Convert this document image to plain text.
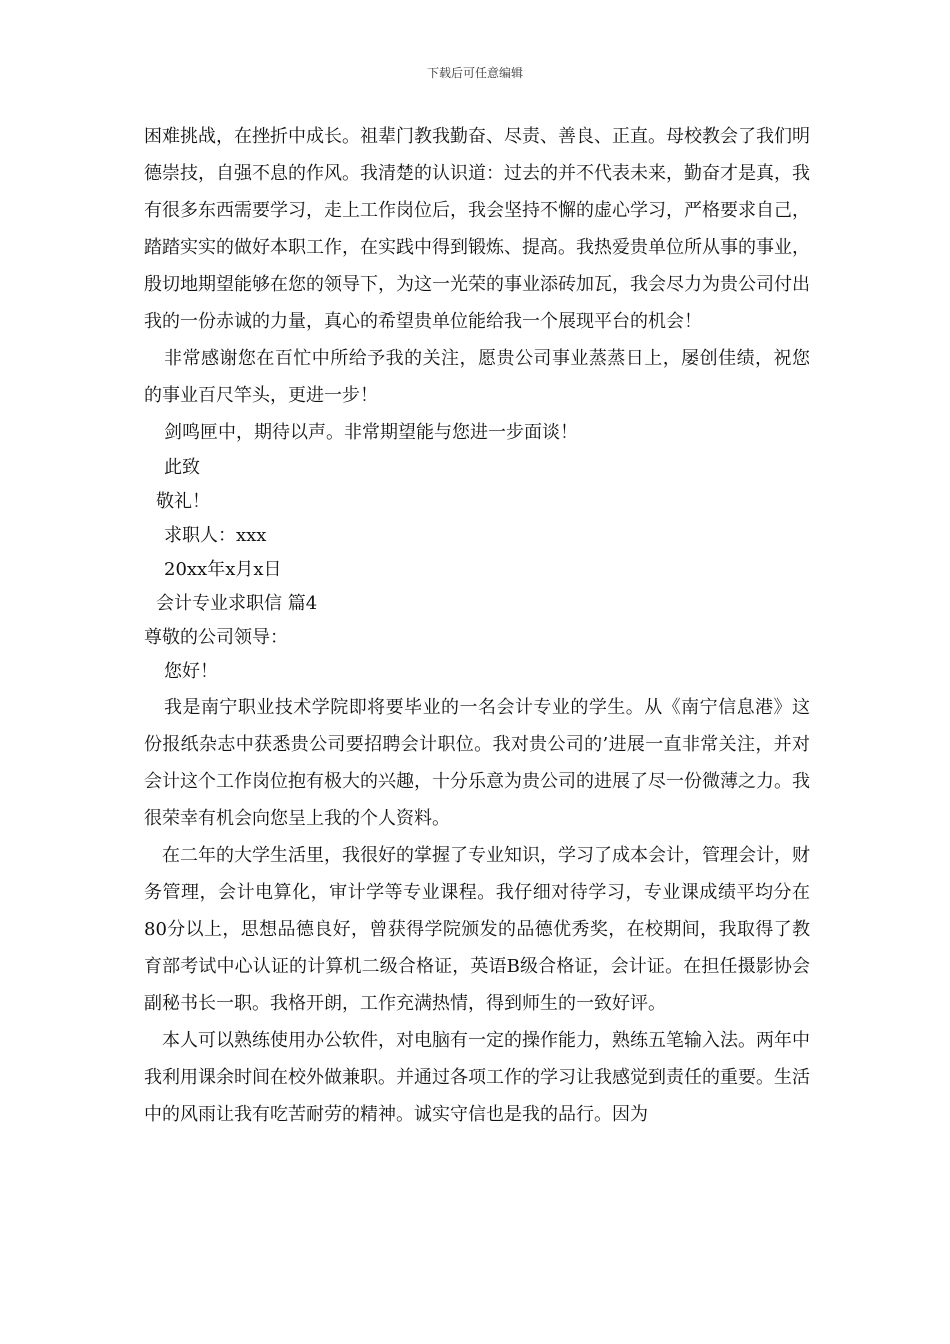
下载后可任意编辑

困难挑战，在挫折中成长。祖辈门教我勤奋、尽责、善良、正直。母校教会了我们明德崇技，自强不息的作风。我清楚的认识道：过去的并不代表未来，勤奋才是真，我有很多东西需要学习，走上工作岗位后，我会坚持不懈的虚心学习，严格要求自己，踏踏实实的做好本职工作，在实践中得到锻炼、提高。我热爱贵单位所从事的事业，殷切地期望能够在您的领导下，为这一光荣的事业添砖加瓦，我会尽力为贵公司付出我的一份赤诚的力量，真心的希望贵单位能给我一个展现平台的机会！

非常感谢您在百忙中所给予我的关注，愿贵公司事业蒸蒸日上，屡创佳绩，祝您的事业百尺竿头，更进一步！

剑鸣匣中，期待以声。非常期望能与您进一步面谈！

此致

敬礼！

求职人：xxx

20xx年x月x日

会计专业求职信 篇4

尊敬的公司领导：

您好！

我是南宁职业技术学院即将要毕业的一名会计专业的学生。从《南宁信息港》这份报纸杂志中获悉贵公司要招聘会计职位。我对贵公司的’进展一直非常关注，并对会计这个工作岗位抱有极大的兴趣，十分乐意为贵公司的进展了尽一份微薄之力。我很荣幸有机会向您呈上我的个人资料。

在二年的大学生活里，我很好的掌握了专业知识，学习了成本会计，管理会计，财务管理，会计电算化，审计学等专业课程。我仔细对待学习，专业课成绩平均分在80分以上，思想品德良好，曾获得学院颁发的品德优秀奖，在校期间，我取得了教育部考试中心认证的计算机二级合格证，英语B级合格证，会计证。在担任摄影协会副秘书长一职。我格开朗，工作充满热情，得到师生的一致好评。

本人可以熟练使用办公软件，对电脑有一定的操作能力，熟练五笔输入法。两年中我利用课余时间在校外做兼职。并通过各项工作的学习让我感觉到责任的重要。生活中的风雨让我有吃苦耐劳的精神。诚实守信也是我的品行。因为
